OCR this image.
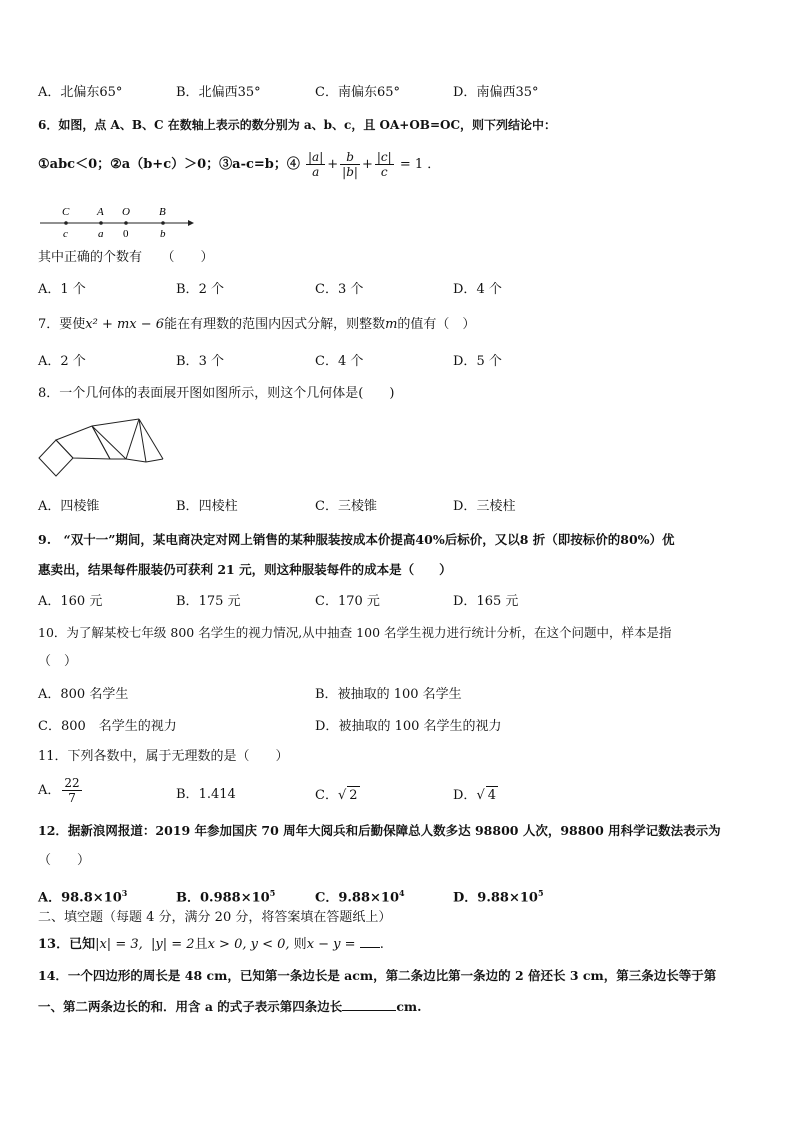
A．北偏东65°	B．北偏西35°	C．南偏东65°	D．南偏西35°
6．如图，点 A、B、C 在数轴上表示的数分别为 a、b、c，且 OA+OB=OC，则下列结论中：
①abc＜0；②a（b+c）＞0；③a-c=b；④ $\frac{|a|}{a} + \frac{b}{|b|} + \frac{|c|}{c} = 1$ ．
C	A O	B
c	a 0	b
其中正确的个数有　　（　　）
A．1 个	B．2 个	C．3 个	D．4 个
7．要使x² + mx − 6能在有理数的范围内因式分解，则整数m的值有（　）
A．2 个	B．3 个	C．4 个	D．5 个
8．一个几何体的表面展开图如图所示，则这个几何体是(　　)
A．四棱锥	B．四棱柱	C．三棱锥	D．三棱柱
9.　“双十一”期间，某电商决定对网上销售的某种服装按成本价提高40%后标价，又以8 折（即按标价的80%）优
惠卖出，结果每件服装仍可获利 21 元，则这种服装每件的成本是（　　）
A．160 元	B．175 元	C．170 元	D．165 元
10．为了解某校七年级 800 名学生的视力情况,从中抽查 100 名学生视力进行统计分析，在这个问题中，样本是指
（　）
A．800 名学生	B．被抽取的 100 名学生
C．800　名学生的视力	D．被抽取的 100 名学生的视力
11．下列各数中，属于无理数的是（　　）
A． $\frac{22}{7}$	B．1.414	C．√ 2	D．√ 4
12．据新浪网报道：2019 年参加国庆 70 周年大阅兵和后勤保障总人数多达 98800 人次，98800 用科学记数法表示为
（　　）
A．$98.8\times 10^3$	B．$0.988\times 10^5$	C．$9.88\times 10^4$	D．$9.88\times 10^5$
二、填空题（每题 4 分，满分 20 分，将答案填在答题纸上）
13．已知|x| = 3, |y| = 2且x > 0, y < 0, 则x − y = .
14．一个四边形的周长是 48 cm，已知第一条边长是 acm，第二条边比第一条边的 2 倍还长 3 cm，第三条边长等于第
一、第二两条边长的和．用含 a 的式子表示第四条边长	cm.
